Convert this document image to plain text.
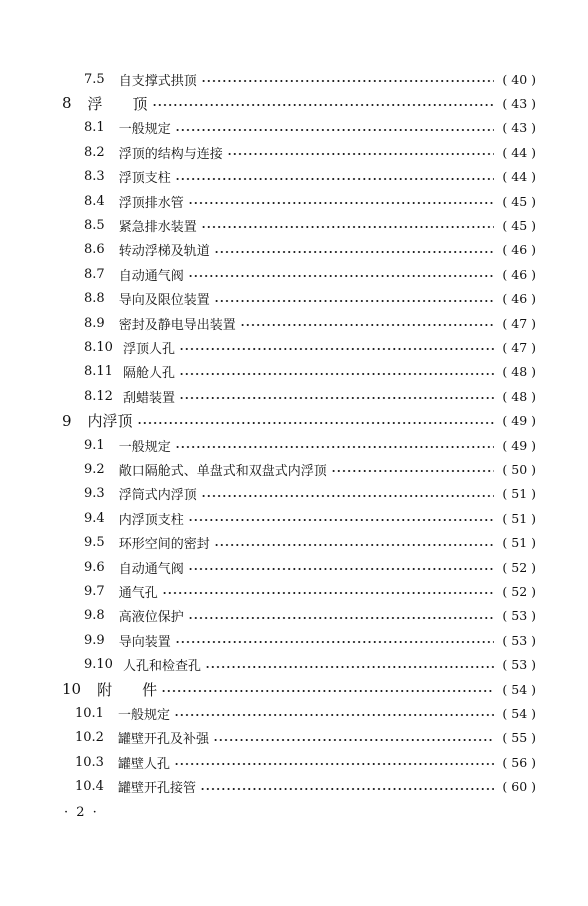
7.5 自支撑式拱顶	( 40 )
8 浮　　顶	( 43 )
8.1 一般规定	( 43 )
8.2 浮顶的结构与连接	( 44 )
8.3 浮顶支柱	( 44 )
8.4 浮顶排水管	( 45 )
8.5 紧急排水装置	( 45 )
8.6 转动浮梯及轨道	( 46 )
8.7 自动通气阀	( 46 )
8.8 导向及限位装置	( 46 )
8.9 密封及静电导出装置	( 47 )
8.10 浮顶人孔	( 47 )
8.11 隔舱人孔	( 48 )
8.12 刮蜡装置	( 48 )
9 内浮顶	( 49 )
9.1 一般规定	( 49 )
9.2 敞口隔舱式、单盘式和双盘式内浮顶	( 50 )
9.3 浮筒式内浮顶	( 51 )
9.4 内浮顶支柱	( 51 )
9.5 环形空间的密封	( 51 )
9.6 自动通气阀	( 52 )
9.7 通气孔	( 52 )
9.8 高液位保护	( 53 )
9.9 导向装置	( 53 )
9.10 人孔和检查孔	( 53 )
10 附　　件	( 54 )
10.1 一般规定	( 54 )
10.2 罐壁开孔及补强	( 55 )
10.3 罐壁人孔	( 56 )
10.4 罐壁开孔接管	( 60 )
· 2 ·
